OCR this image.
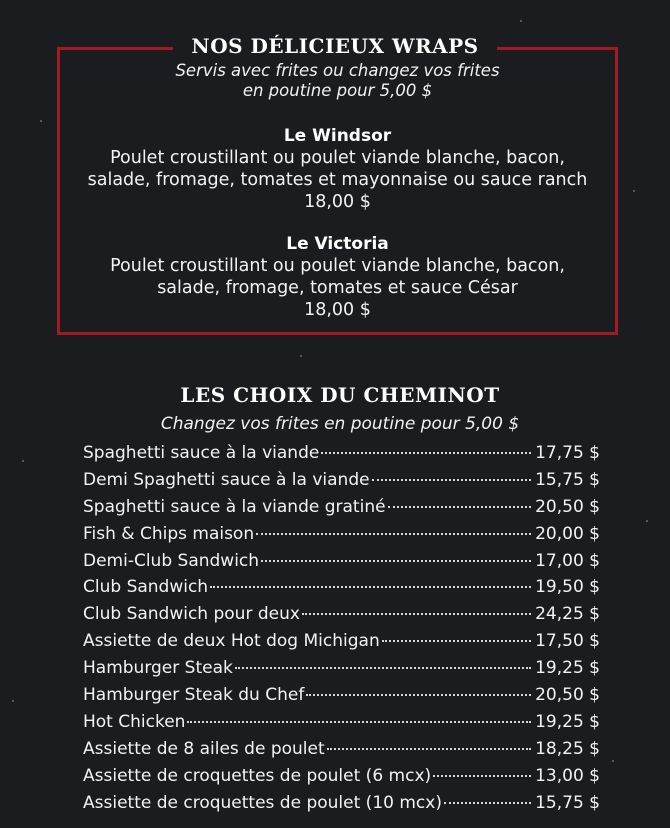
NOS DÉLICIEUX WRAPS
Servis avec frites ou changez vos frites
en poutine pour 5,00 $
Le Windsor
Poulet croustillant ou poulet viande blanche, bacon,
salade, fromage, tomates et mayonnaise ou sauce ranch
18,00 $
Le Victoria
Poulet croustillant ou poulet viande blanche, bacon,
salade, fromage, tomates et sauce César
18,00 $
LES CHOIX DU CHEMINOT
Changez vos frites en poutine pour 5,00 $
Spaghetti sauce à la viande	17,75 $
Demi Spaghetti sauce à la viande	15,75 $
Spaghetti sauce à la viande gratiné	20,50 $
Fish & Chips maison	20,00 $
Demi-Club Sandwich	17,00 $
Club Sandwich	19,50 $
Club Sandwich pour deux	24,25 $
Assiette de deux Hot dog Michigan	17,50 $
Hamburger Steak	19,25 $
Hamburger Steak du Chef	20,50 $
Hot Chicken	19,25 $
Assiette de 8 ailes de poulet	18,25 $
Assiette de croquettes de poulet (6 mcx)	13,00 $
Assiette de croquettes de poulet (10 mcx)	15,75 $
